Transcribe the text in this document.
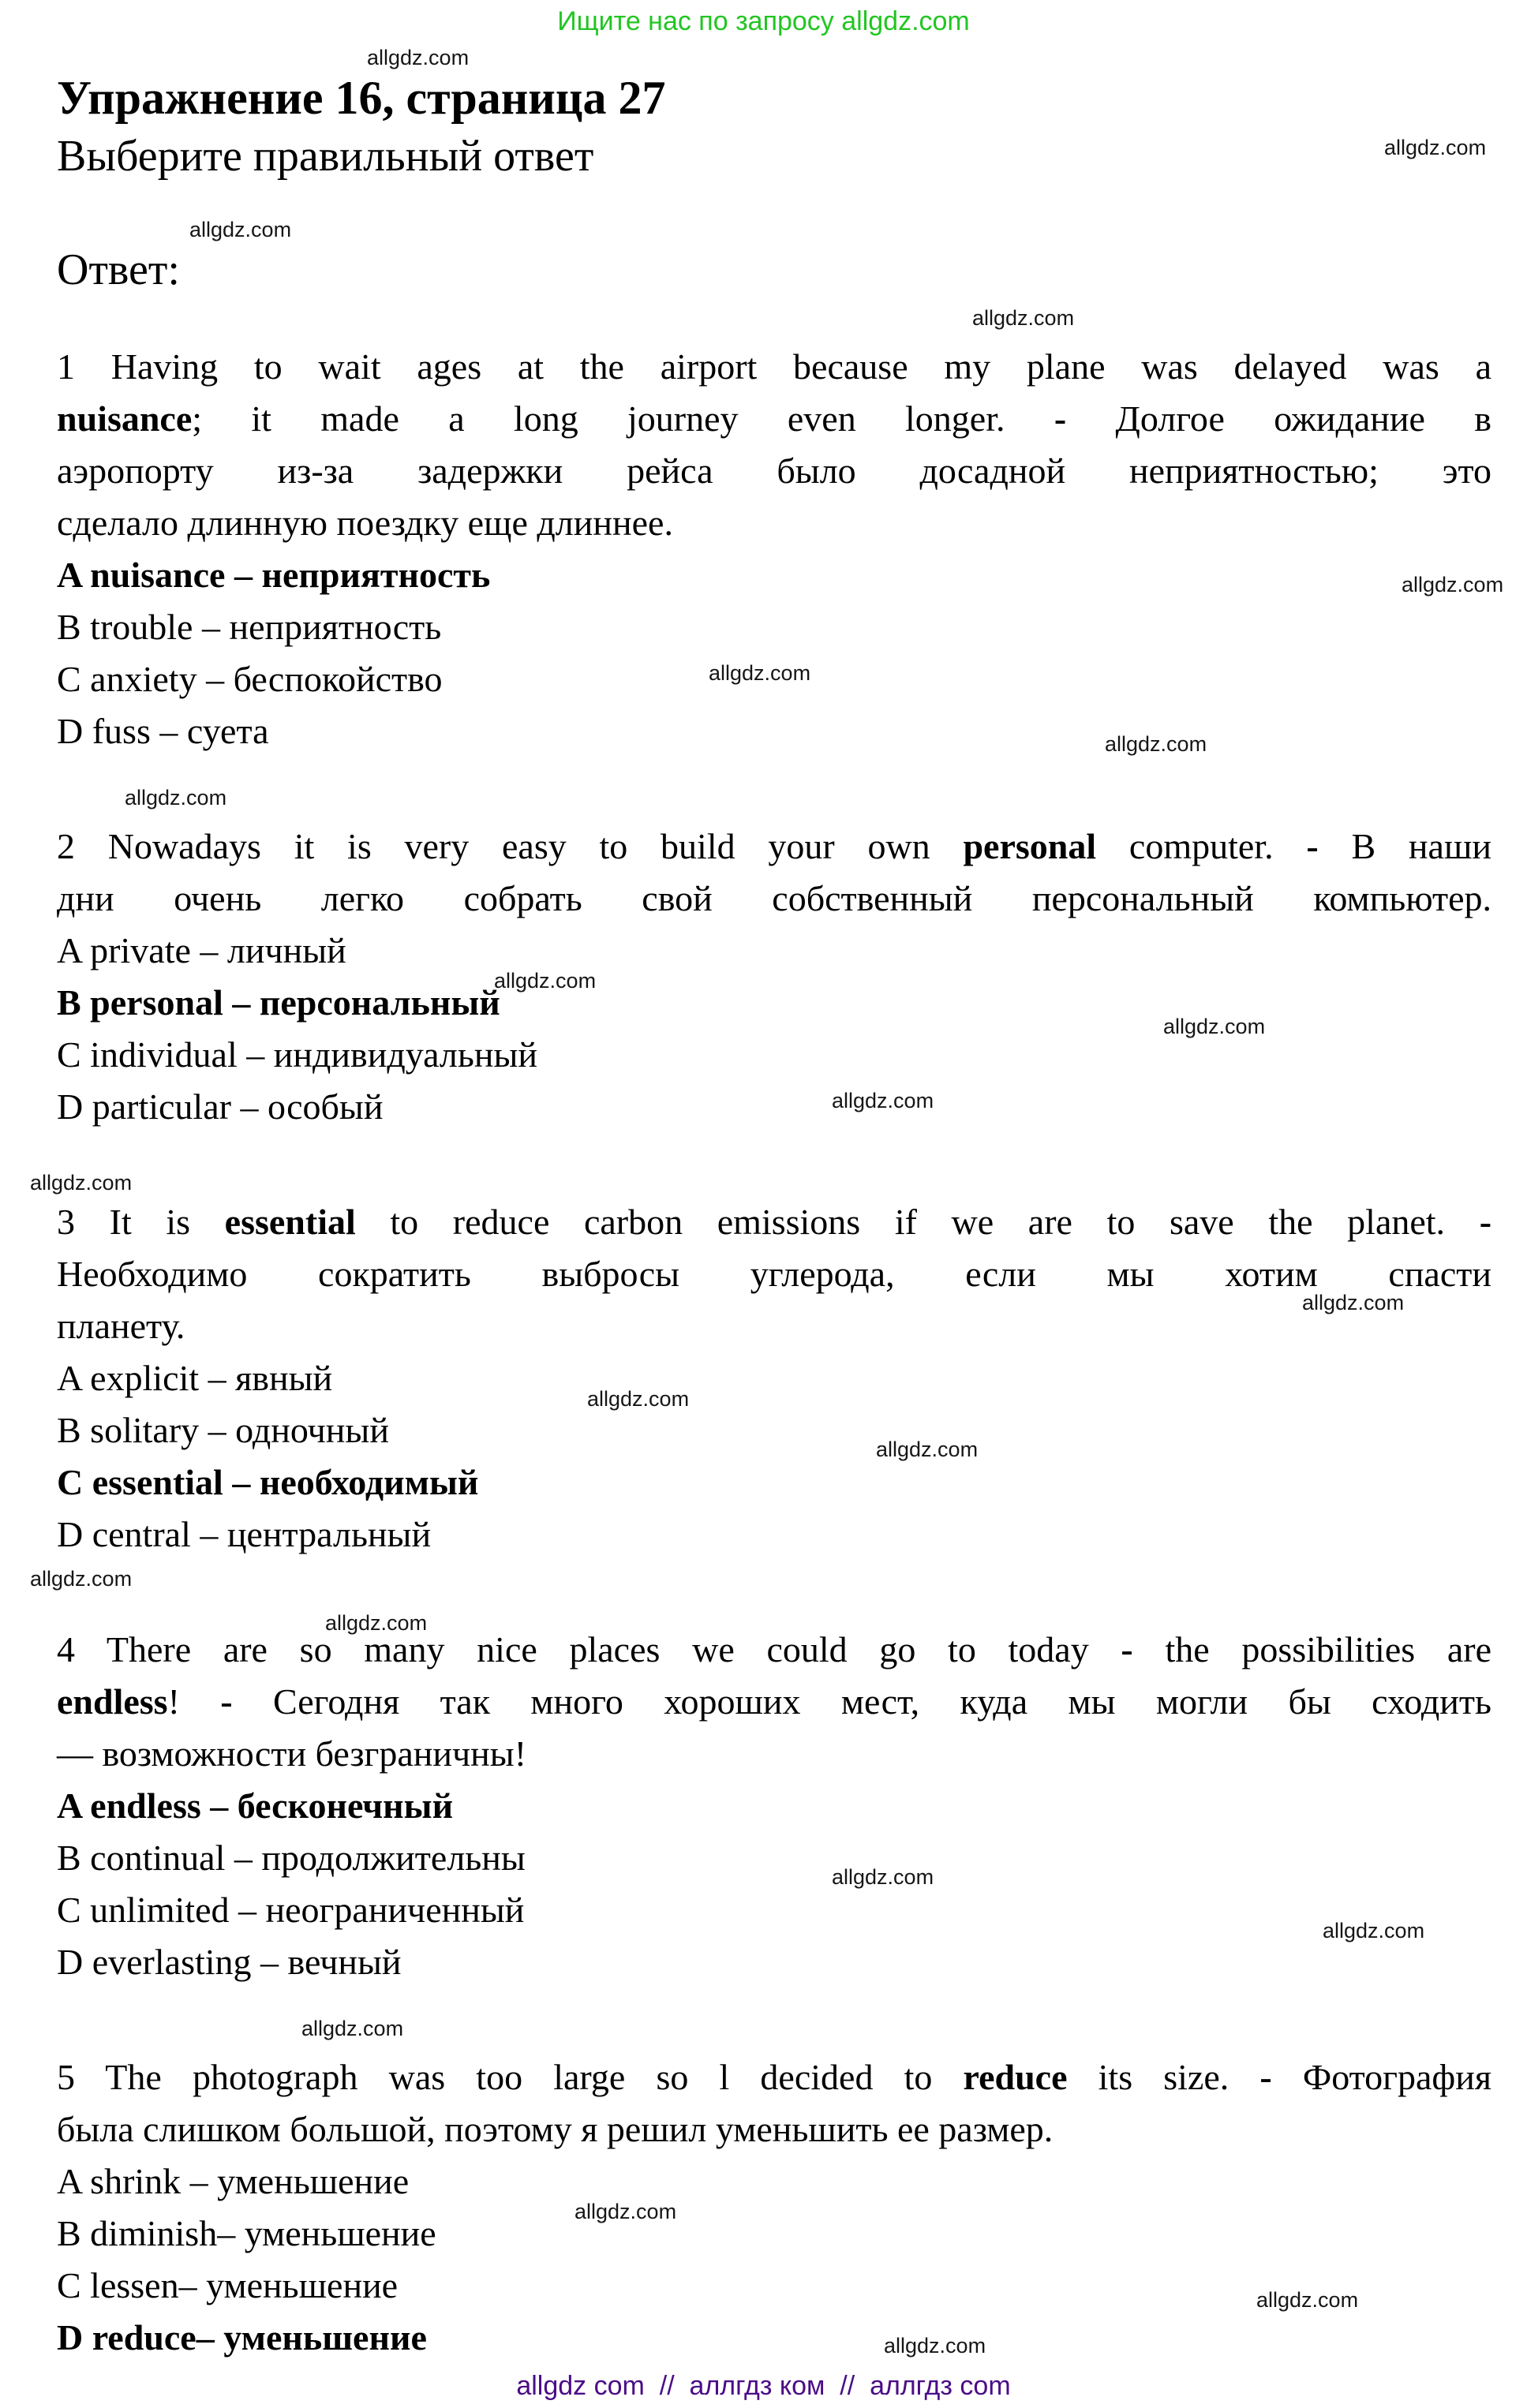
Ищите нас по запросу allgdz.com
Упражнение 16, страница 27
Выберите правильный ответ
Ответ:
1 Having to wait ages at the airport because my plane was delayed was a
nuisance; it made a long journey even longer. - Долгое ожидание в
аэропорту из-за задержки рейса было досадной неприятностью; это
сделало длинную поездку еще длиннее.
A nuisance – неприятность
B trouble – неприятность
C anxiety – беспокойство
D fuss – суета
2 Nowadays it is very easy to build your own personal computer. - В наши
дни очень легко собрать свой собственный персональный компьютер.
A private – личный
B personal – персональный
C individual – индивидуальный
D particular – особый
3 It is essential to reduce carbon emissions if we are to save the planet. -
Необходимо сократить выбросы углерода, если мы хотим спасти
планету.
A explicit – явный
B solitary – одночный
C essential – необходимый
D central – центральный
4 There are so many nice places we could go to today - the possibilities are
endless! - Сегодня так много хороших мест, куда мы могли бы сходить
— возможности безграничны!
A endless – бесконечный
B continual – продолжительны
C unlimited – неограниченный
D everlasting – вечный
5 The photograph was too large so l decided to reduce its size. - Фотография
была слишком большой, поэтому я решил уменьшить ее размер.
A shrink – уменьшение
B diminish– уменьшение
C lessen– уменьшение
D reduce– уменьшение
allgdz com  //  аллгдз ком  //  аллгдз com
allgdz.com
allgdz.com
allgdz.com
allgdz.com
allgdz.com
allgdz.com
allgdz.com
allgdz.com
allgdz.com
allgdz.com
allgdz.com
allgdz.com
allgdz.com
allgdz.com
allgdz.com
allgdz.com
allgdz.com
allgdz.com
allgdz.com
allgdz.com
allgdz.com
allgdz.com
allgdz.com
